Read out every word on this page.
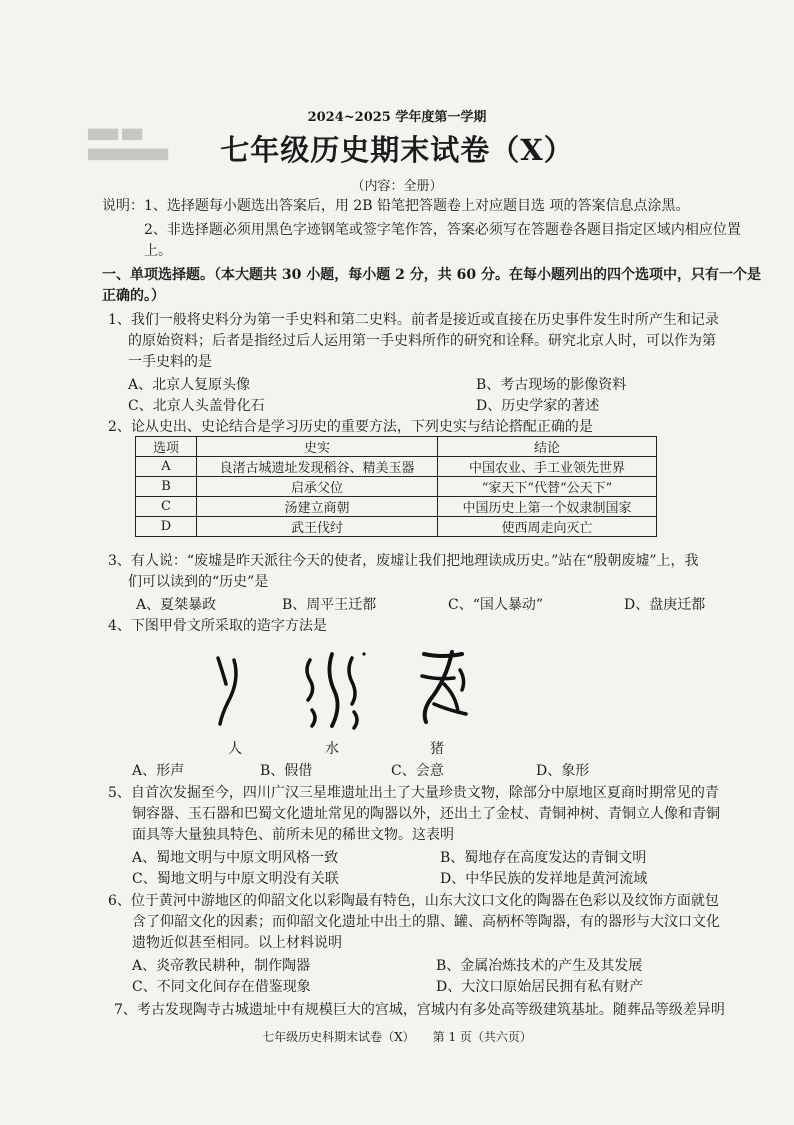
▆▆▆ ▆▆
▆▆▆▆▆▆▆▆
2024~2025 学年度第一学期
七年级历史期末试卷（X）
（内容：全册）
说明：1、选择题每小题选出答案后，用 2B 铅笔把答题卷上对应题目选 项的答案信息点涂黑。
2、非选择题必须用黑色字迹钢笔或签字笔作答，答案必须写在答题卷各题目指定区域内相应位置
上。
一、单项选择题。（本大题共 30 小题，每小题 2 分，共 60 分。在每小题列出的四个选项中，只有一个是
正确的。）
1、我们一般将史料分为第一手史料和第二史料。前者是接近或直接在历史事件发生时所产生和记录
的原始资料；后者是指经过后人运用第一手史料所作的研究和诠释。研究北京人时，可以作为第
一手史料的是
A、北京人复原头像	B、考古现场的影像资料
C、北京人头盖骨化石	D、历史学家的著述
2、论从史出、史论结合是学习历史的重要方法，下列史实与结论搭配正确的是
选项	史实	结论
A	良渚古城遗址发现稻谷、精美玉器	中国农业、手工业领先世界
B	启承父位	“家天下”代替“公天下”
C	汤建立商朝	中国历史上第一个奴隶制国家
D	武王伐纣	使西周走向灭亡
3、有人说：“废墟是昨天派往今天的使者，废墟让我们把地理读成历史。”站在“殷朝废墟”上，我
们可以读到的“历史”是
A、夏桀暴政	B、周平王迁都	C、“国人暴动”	D、盘庚迁都
4、下图甲骨文所采取的造字方法是
人	水	猪
A、形声	B、假借	C、会意	D、象形
5、自首次发掘至今，四川广汉三星堆遗址出土了大量珍贵文物，除部分中原地区夏商时期常见的青
铜容器、玉石器和巴蜀文化遗址常见的陶器以外，还出土了金杖、青铜神树、青铜立人像和青铜
面具等大量独具特色、前所未见的稀世文物。这表明
A、蜀地文明与中原文明风格一致	B、蜀地存在高度发达的青铜文明
C、蜀地文明与中原文明没有关联	D、中华民族的发祥地是黄河流域
6、位于黄河中游地区的仰韶文化以彩陶最有特色，山东大汶口文化的陶器在色彩以及纹饰方面就包
含了仰韶文化的因素；而仰韶文化遗址中出土的鼎、罐、高柄杯等陶器，有的器形与大汶口文化
遗物近似甚至相同。以上材料说明
A、炎帝教民耕种，制作陶器	B、金属冶炼技术的产生及其发展
C、不同文化间存在借鉴现象	D、大汶口原始居民拥有私有财产
7、考古发现陶寺古城遗址中有规模巨大的宫城，宫城内有多处高等级建筑基址。随葬品等级差异明
七年级历史科期末试卷（X）　　第 1 页（共六页）
